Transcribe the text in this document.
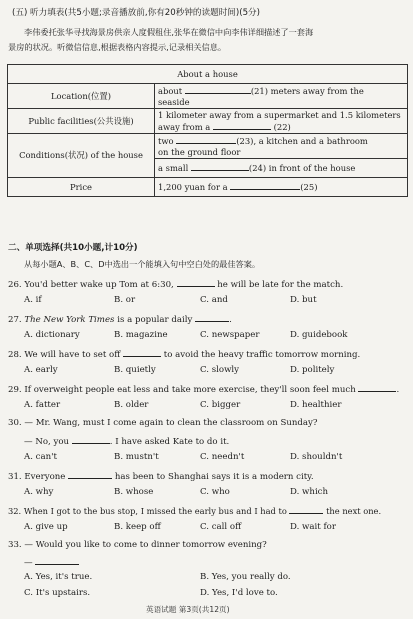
(五) 听力填表(共5小题;录音播放前,你有20秒钟的读题时间)(5分)
李伟委托张华寻找海景房供亲人度假租住,张华在微信中向李伟详细描述了一套海
景房的状况。听微信信息,根据表格内容提示,记录相关信息。
About a house	
Location(位置)	about (21) meters away from the
seaside
Public facilities(公共设施)	1 kilometer away from a supermarket and 1.5 kilometers
away from a (22)
Conditions(状况) of the house	two (23), a kitchen and a bathroom
on the ground floor
	a small (24) in front of the house
Price	1,200 yuan for a (25)
二、单项选择(共10小题,计10分)
从每小题A、B、C、D中选出一个能填入句中空白处的最佳答案。
26. You'd better wake up Tom at 6:30,	he will be late for the match.
A. if	B. or	C. and	D. but
27. The New York Times is a popular daily	.
A. dictionary	B. magazine	C. newspaper	D. guidebook
28. We will have to set off	to avoid the heavy traffic tomorrow morning.
A. early	B. quietly	C. slowly	D. politely
29. If overweight people eat less and take more exercise, they'll soon feel much	.
A. fatter	B. older	C. bigger	D. healthier
30. — Mr. Wang, must I come again to clean the classroom on Sunday?
— No, you	. I have asked Kate to do it.
A. can't	B. mustn't	C. needn't	D. shouldn't
31. Everyone	has been to Shanghai says it is a modern city.
A. why	B. whose	C. who	D. which
32. When I got to the bus stop, I missed the early bus and I had to	the next one.
A. give up	B. keep off	C. call off	D. wait for
33. — Would you like to come to dinner tomorrow evening?
—
A. Yes, it's true.	B. Yes, you really do.
C. It's upstairs.	D. Yes, I'd love to.
英语试题 第3页(共12页)
